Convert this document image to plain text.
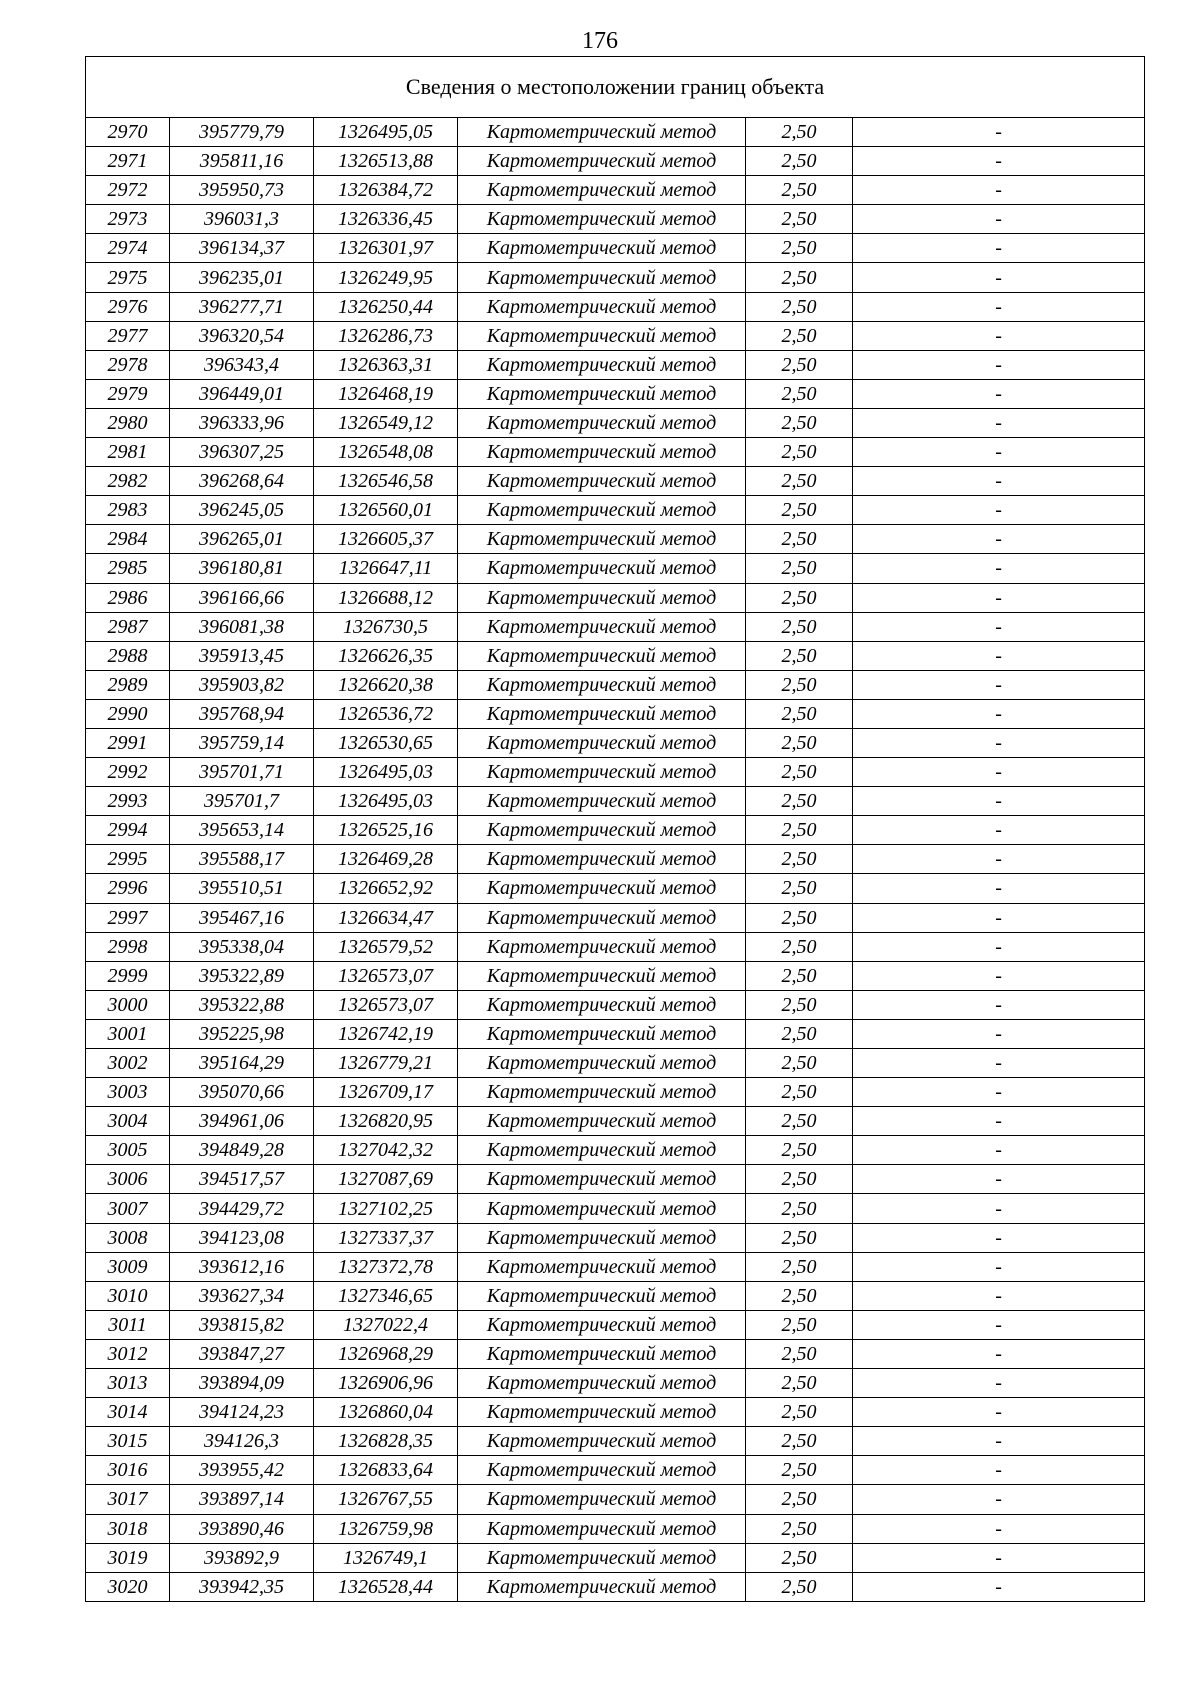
176
Сведения о местоположении границ объекта					
2970	395779,79	1326495,05	Картометрический метод	2,50	-
2971	395811,16	1326513,88	Картометрический метод	2,50	-
2972	395950,73	1326384,72	Картометрический метод	2,50	-
2973	396031,3	1326336,45	Картометрический метод	2,50	-
2974	396134,37	1326301,97	Картометрический метод	2,50	-
2975	396235,01	1326249,95	Картометрический метод	2,50	-
2976	396277,71	1326250,44	Картометрический метод	2,50	-
2977	396320,54	1326286,73	Картометрический метод	2,50	-
2978	396343,4	1326363,31	Картометрический метод	2,50	-
2979	396449,01	1326468,19	Картометрический метод	2,50	-
2980	396333,96	1326549,12	Картометрический метод	2,50	-
2981	396307,25	1326548,08	Картометрический метод	2,50	-
2982	396268,64	1326546,58	Картометрический метод	2,50	-
2983	396245,05	1326560,01	Картометрический метод	2,50	-
2984	396265,01	1326605,37	Картометрический метод	2,50	-
2985	396180,81	1326647,11	Картометрический метод	2,50	-
2986	396166,66	1326688,12	Картометрический метод	2,50	-
2987	396081,38	1326730,5	Картометрический метод	2,50	-
2988	395913,45	1326626,35	Картометрический метод	2,50	-
2989	395903,82	1326620,38	Картометрический метод	2,50	-
2990	395768,94	1326536,72	Картометрический метод	2,50	-
2991	395759,14	1326530,65	Картометрический метод	2,50	-
2992	395701,71	1326495,03	Картометрический метод	2,50	-
2993	395701,7	1326495,03	Картометрический метод	2,50	-
2994	395653,14	1326525,16	Картометрический метод	2,50	-
2995	395588,17	1326469,28	Картометрический метод	2,50	-
2996	395510,51	1326652,92	Картометрический метод	2,50	-
2997	395467,16	1326634,47	Картометрический метод	2,50	-
2998	395338,04	1326579,52	Картометрический метод	2,50	-
2999	395322,89	1326573,07	Картометрический метод	2,50	-
3000	395322,88	1326573,07	Картометрический метод	2,50	-
3001	395225,98	1326742,19	Картометрический метод	2,50	-
3002	395164,29	1326779,21	Картометрический метод	2,50	-
3003	395070,66	1326709,17	Картометрический метод	2,50	-
3004	394961,06	1326820,95	Картометрический метод	2,50	-
3005	394849,28	1327042,32	Картометрический метод	2,50	-
3006	394517,57	1327087,69	Картометрический метод	2,50	-
3007	394429,72	1327102,25	Картометрический метод	2,50	-
3008	394123,08	1327337,37	Картометрический метод	2,50	-
3009	393612,16	1327372,78	Картометрический метод	2,50	-
3010	393627,34	1327346,65	Картометрический метод	2,50	-
3011	393815,82	1327022,4	Картометрический метод	2,50	-
3012	393847,27	1326968,29	Картометрический метод	2,50	-
3013	393894,09	1326906,96	Картометрический метод	2,50	-
3014	394124,23	1326860,04	Картометрический метод	2,50	-
3015	394126,3	1326828,35	Картометрический метод	2,50	-
3016	393955,42	1326833,64	Картометрический метод	2,50	-
3017	393897,14	1326767,55	Картометрический метод	2,50	-
3018	393890,46	1326759,98	Картометрический метод	2,50	-
3019	393892,9	1326749,1	Картометрический метод	2,50	-
3020	393942,35	1326528,44	Картометрический метод	2,50	-
